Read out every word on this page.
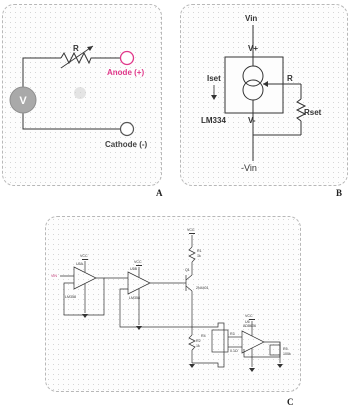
R
V
Anode (+)
Cathode (-)
A
Vin
V+
R
Rset
Iset
LM334	V-
-Vin
B
VCC
VCC
VCC
VCC
U5A
LM358
U5B
LM358
VIN
Q1
2N4401
R1
1k
R2
1k
R4
U6
AD8606
R3
0.1Ω	R5
100k
C
